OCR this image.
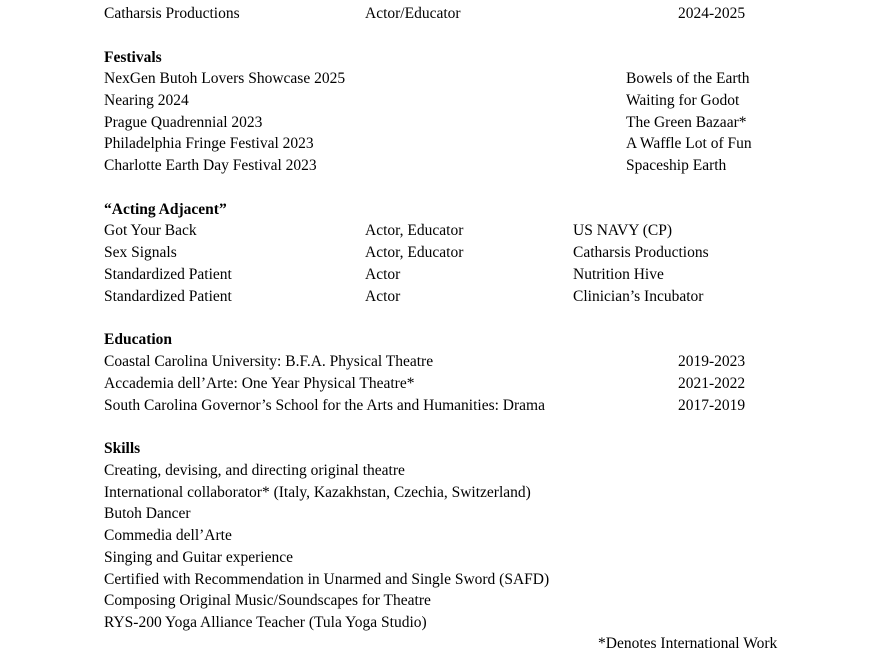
Catharsis Productions	Actor/Educator	2024-2025
Festivals
NexGen Butoh Lovers Showcase 2025	Bowels of the Earth
Nearing 2024	Waiting for Godot
Prague Quadrennial 2023	The Green Bazaar*
Philadelphia Fringe Festival 2023	A Waffle Lot of Fun
Charlotte Earth Day Festival 2023	Spaceship Earth
“Acting Adjacent”
Got Your Back	Actor, Educator	US NAVY (CP)
Sex Signals	Actor, Educator	Catharsis Productions
Standardized Patient	Actor	Nutrition Hive
Standardized Patient	Actor	Clinician’s Incubator
Education
Coastal Carolina University: B.F.A. Physical Theatre	2019-2023
Accademia dell’Arte: One Year Physical Theatre*	2021-2022
South Carolina Governor’s School for the Arts and Humanities: Drama	2017-2019
Skills
Creating, devising, and directing original theatre
International collaborator* (Italy, Kazakhstan, Czechia, Switzerland)
Butoh Dancer
Commedia dell’Arte
Singing and Guitar experience
Certified with Recommendation in Unarmed and Single Sword (SAFD)
Composing Original Music/Soundscapes for Theatre
RYS-200 Yoga Alliance Teacher (Tula Yoga Studio)
*Denotes International Work
